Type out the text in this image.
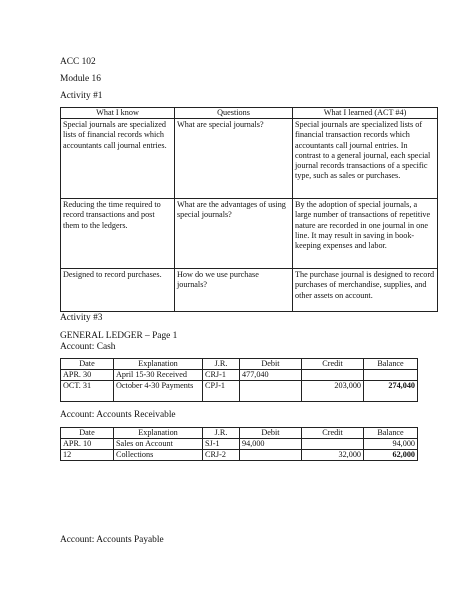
ACC 102
Module 16
Activity #1
What I know	Questions	What I learned (ACT #4)
Special journals are specialized lists of financial records which accountants call journal entries.	What are special journals?	Special journals are specialized lists of financial transaction records which accountants call journal entries. In contrast to a general journal, each special journal records transactions of a specific type, such as sales or purchases.
Reducing the time required to record transactions and post them to the ledgers.	What are the advantages of using special journals?	By the adoption of special journals, a large number of transactions of repetitive nature are recorded in one journal in one line. It may result in saving in book-keeping expenses and labor.
Designed to record purchases.	How do we use purchase journals?	The purchase journal is designed to record purchases of merchandise, supplies, and other assets on account.
Activity #3
GENERAL LEDGER – Page 1
Account: Cash
Date	Explanation	J.R.	Debit	Credit	Balance
APR. 30	April 15-30 Received	CRJ-1	477,040		
OCT. 31	October 4-30 Payments	CPJ-1		203,000	274,040
Account: Accounts Receivable
Date	Explanation	J.R.	Debit	Credit	Balance
APR. 10	Sales on Account	SJ-1	94,000		94,000
12	Collections	CRJ-2		32,000	62,000
Account: Accounts Payable
